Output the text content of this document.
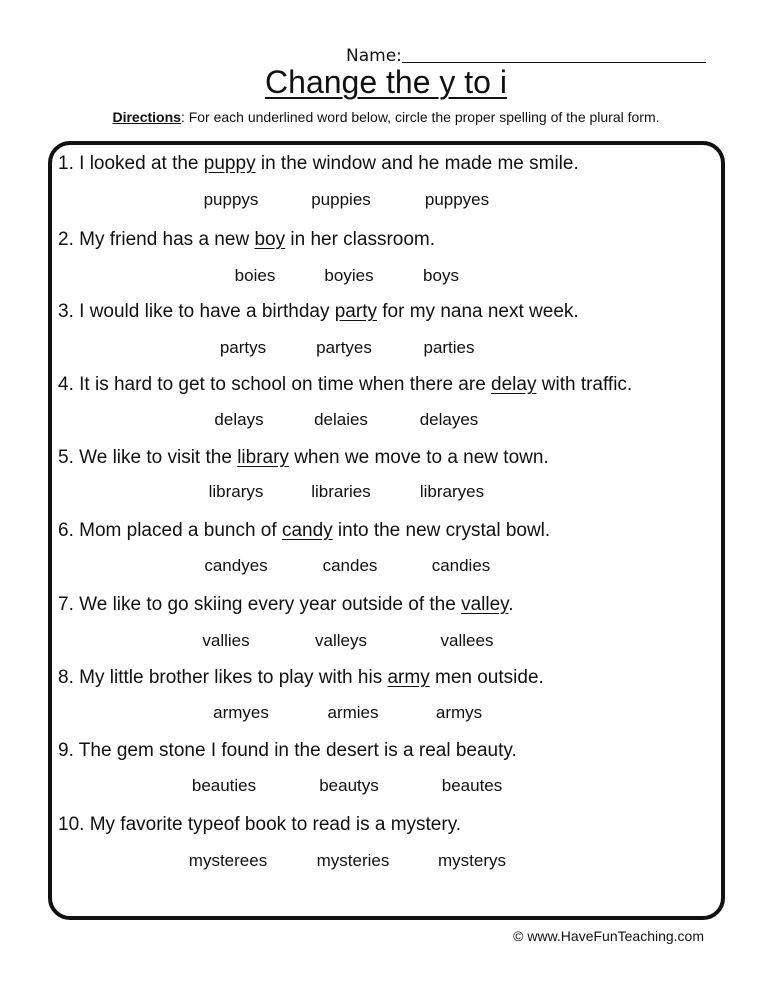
Name:
Change the y to i
Directions: For each underlined word below, circle the proper spelling of the plural form.
1. I looked at the puppy in the window and he made me smile.
puppys	puppies	puppyes
2. My friend has a new boy in her classroom.
boies	boyies	boys
3. I would like to have a birthday party for my nana next week.
partys	partyes	parties
4. It is hard to get to school on time when there are delay with traffic.
delays	delaies	delayes
5. We like to visit the library when we move to a new town.
librarys	libraries	libraryes
6. Mom placed a bunch of candy into the new crystal bowl.
candyes	candes	candies
7. We like to go skiing every year outside of the valley.
vallies	valleys	vallees
8. My little brother likes to play with his army men outside.
armyes	armies	armys
9. The gem stone I found in the desert is a real beauty.
beauties	beautys	beautes
10. My favorite typeof book to read is a mystery.
mysterees	mysteries	mysterys
© www.HaveFunTeaching.com
